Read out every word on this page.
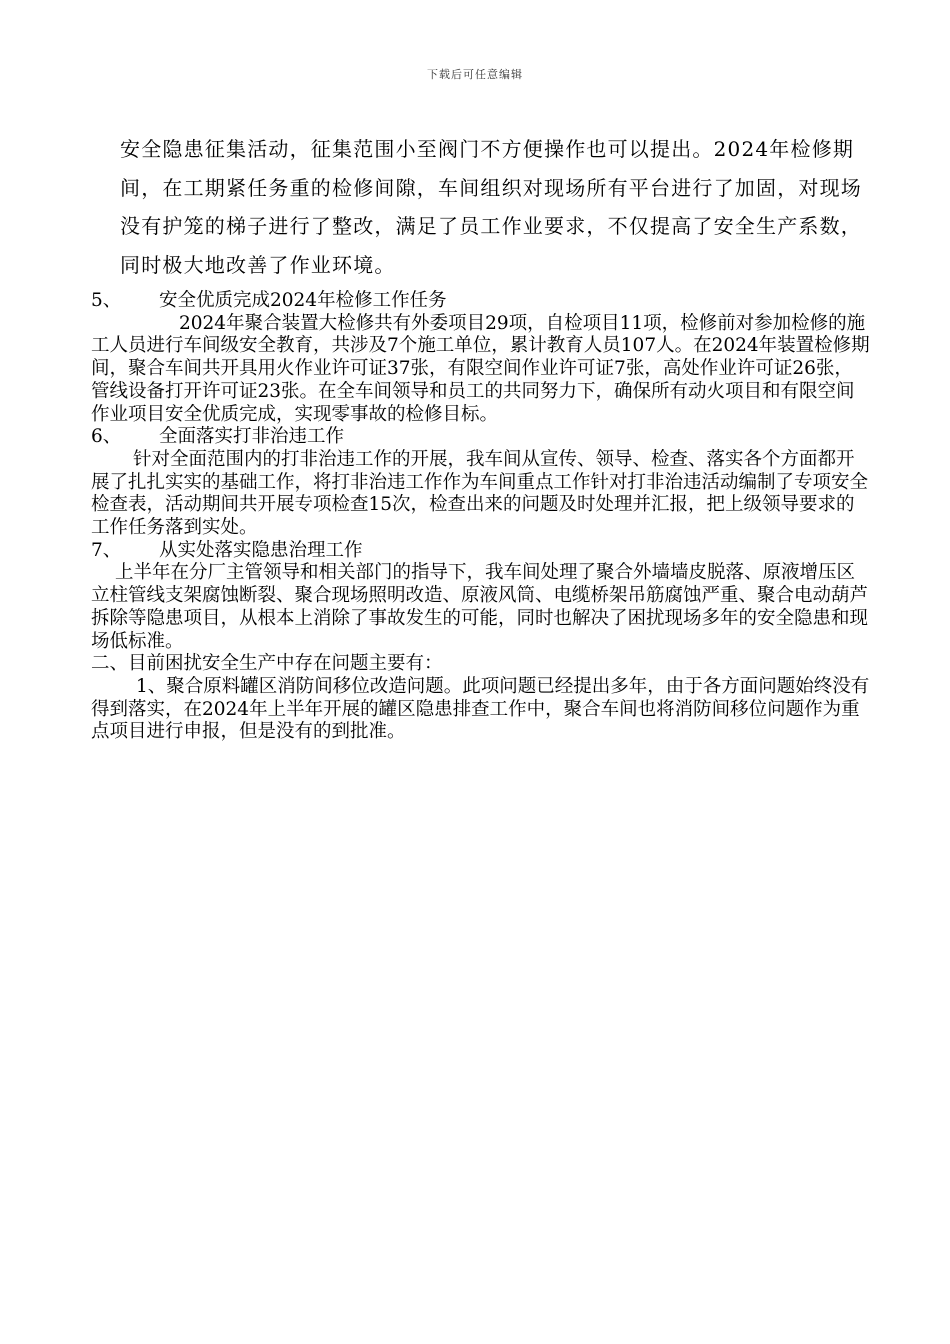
下载后可任意编辑

安全隐患征集活动，征集范围小至阀门不方便操作也可以提出。2024年检修期间，在工期紧任务重的检修间隙，车间组织对现场所有平台进行了加固，对现场没有护笼的梯子进行了整改，满足了员工作业要求，不仅提高了安全生产系数，同时极大地改善了作业环境。

5、 安全优质完成2024年检修工作任务

2024年聚合装置大检修共有外委项目29项，自检项目11项，检修前对参加检修的施工人员进行车间级安全教育，共涉及7个施工单位，累计教育人员107人。在2024年装置检修期间，聚合车间共开具用火作业许可证37张，有限空间作业许可证7张，高处作业许可证26张，管线设备打开许可证23张。在全车间领导和员工的共同努力下，确保所有动火项目和有限空间作业项目安全优质完成，实现零事故的检修目标。

6、 全面落实打非治违工作

针对全面范围内的打非治违工作的开展，我车间从宣传、领导、检查、落实各个方面都开展了扎扎实实的基础工作，将打非治违工作作为车间重点工作针对打非治违活动编制了专项安全检查表，活动期间共开展专项检查15次，检查出来的问题及时处理并汇报，把上级领导要求的工作任务落到实处。

7、 从实处落实隐患治理工作

上半年在分厂主管领导和相关部门的指导下，我车间处理了聚合外墙墙皮脱落、原液增压区立柱管线支架腐蚀断裂、聚合现场照明改造、原液风筒、电缆桥架吊筋腐蚀严重、聚合电动葫芦拆除等隐患项目，从根本上消除了事故发生的可能，同时也解决了困扰现场多年的安全隐患和现场低标准。

二、目前困扰安全生产中存在问题主要有：

1、聚合原料罐区消防间移位改造问题。此项问题已经提出多年，由于各方面问题始终没有得到落实，在2024年上半年开展的罐区隐患排查工作中，聚合车间也将消防间移位问题作为重点项目进行申报，但是没有的到批准。
